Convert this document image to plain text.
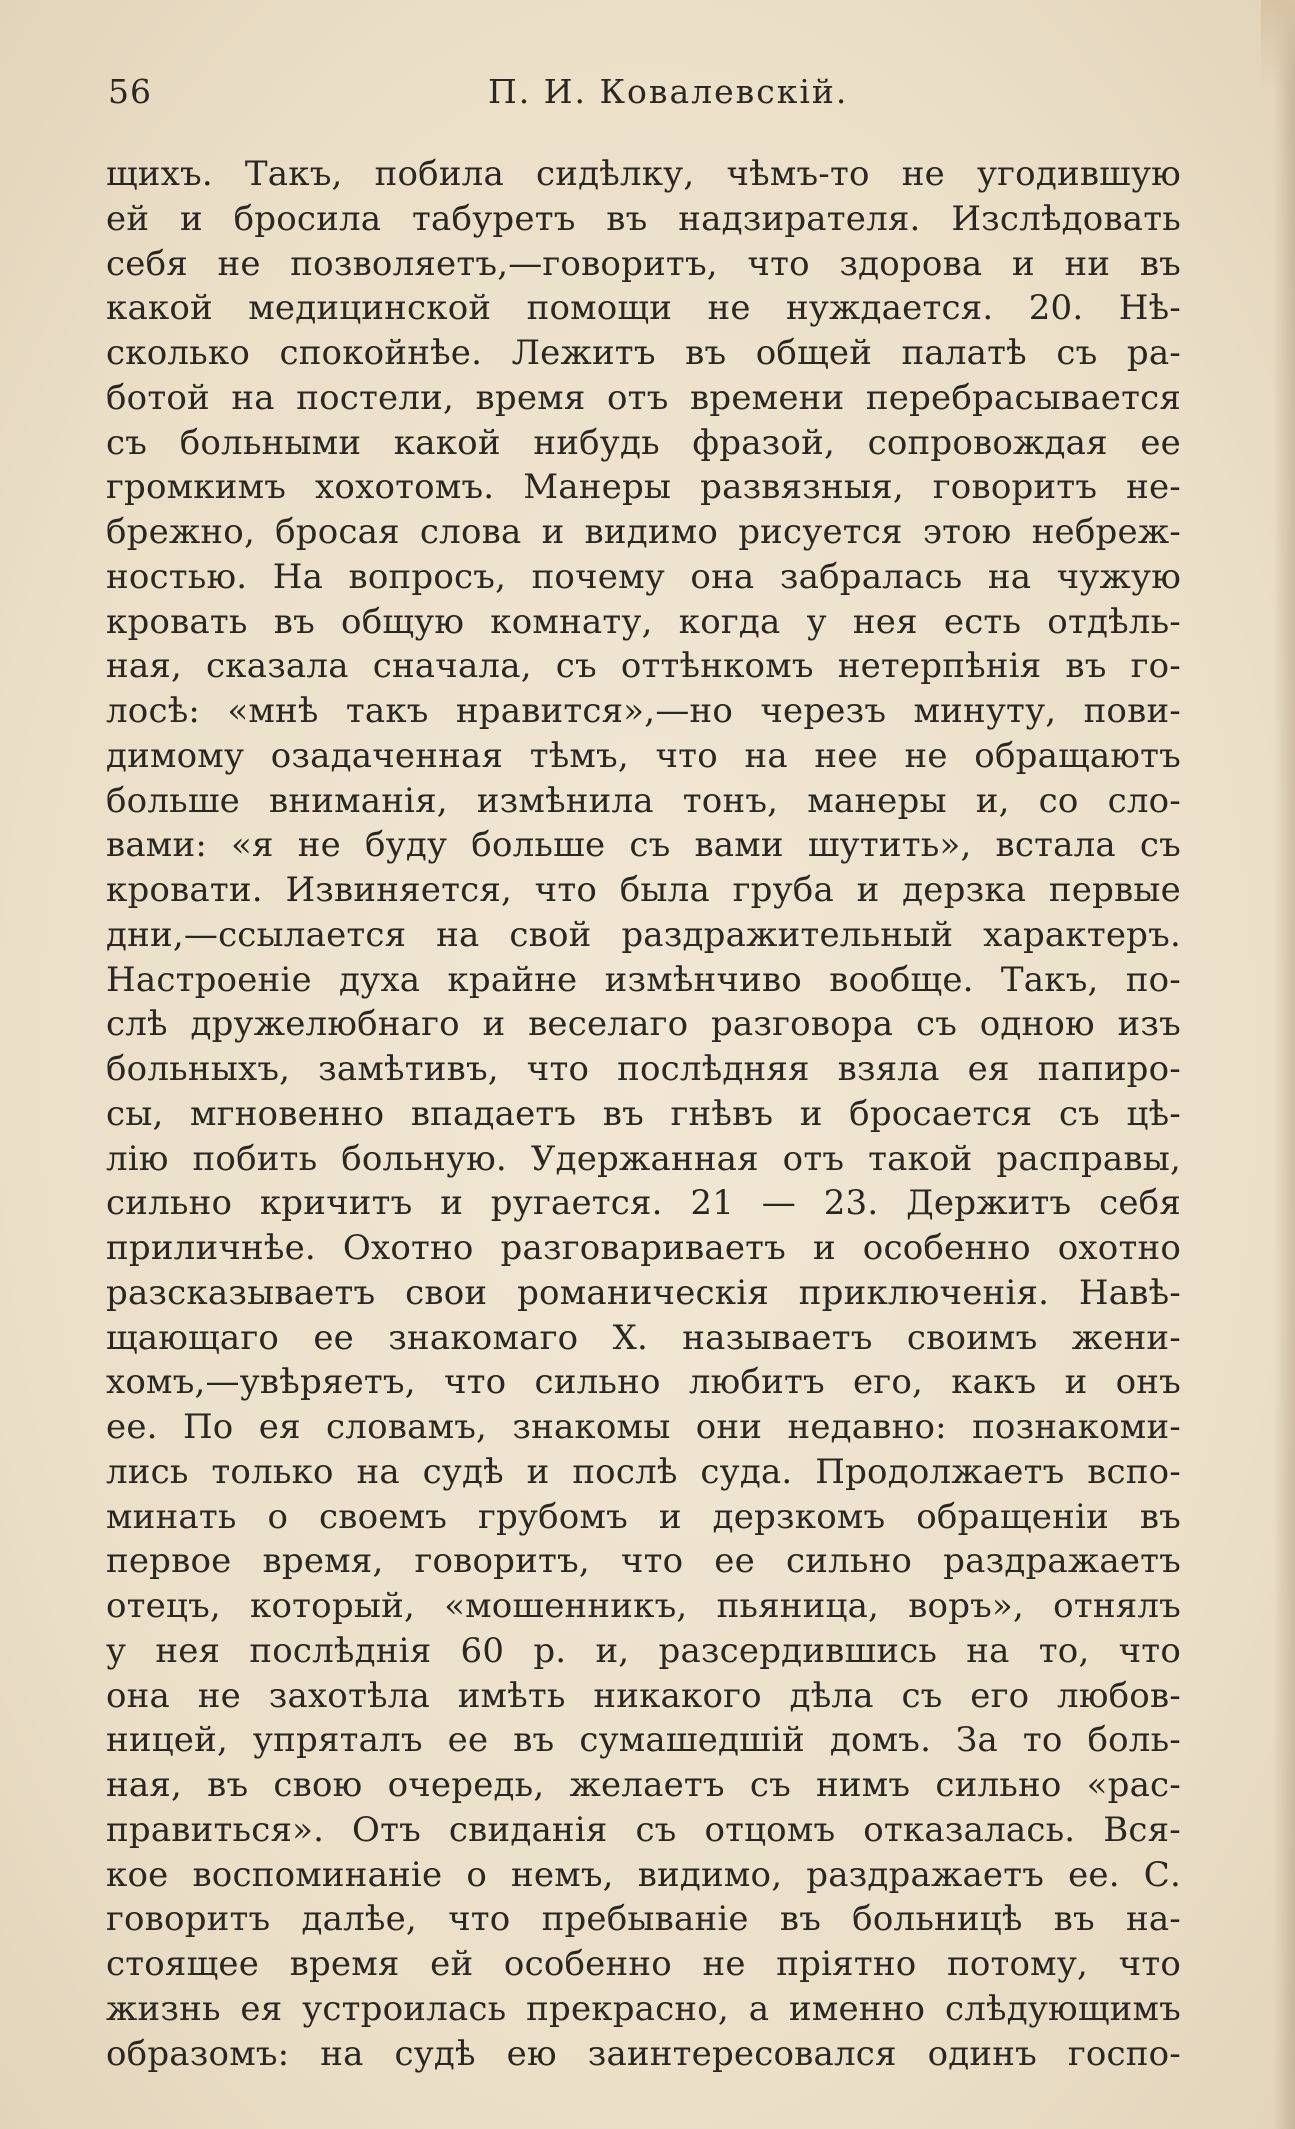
56	П. И. Ковалевскій.
щихъ. Такъ, побила сидѣлку, чѣмъ-то не угодившую
ей и бросила табуретъ въ надзирателя. Изслѣдовать
себя не позволяетъ,—говоритъ, что здорова и ни въ
какой медицинской помощи не нуждается. 20. Нѣ-
сколько спокойнѣе. Лежитъ въ общей палатѣ съ ра-
ботой на постели, время отъ времени перебрасывается
съ больными какой нибудь фразой, сопровождая ее
громкимъ хохотомъ. Манеры развязныя, говоритъ не-
брежно, бросая слова и видимо рисуется этою небреж-
ностью. На вопросъ, почему она забралась на чужую
кровать въ общую комнату, когда у нея есть отдѣль-
ная, сказала сначала, съ оттѣнкомъ нетерпѣнія въ го-
лосѣ: «мнѣ такъ нравится»,—но черезъ минуту, пови-
димому озадаченная тѣмъ, что на нее не обращаютъ
больше вниманія, измѣнила тонъ, манеры и, со сло-
вами: «я не буду больше съ вами шутить», встала съ
кровати. Извиняется, что была груба и дерзка первые
дни,—ссылается на свой раздражительный характеръ.
Настроеніе духа крайне измѣнчиво вообще. Такъ, по-
слѣ дружелюбнаго и веселаго разговора съ одною изъ
больныхъ, замѣтивъ, что послѣдняя взяла ея папиро-
сы, мгновенно впадаетъ въ гнѣвъ и бросается съ цѣ-
лію побить больную. Удержанная отъ такой расправы,
сильно кричитъ и ругается. 21 — 23. Держитъ себя
приличнѣе. Охотно разговариваетъ и особенно охотно
разсказываетъ свои романическія приключенія. Навѣ-
щающаго ее знакомаго X. называетъ своимъ жени-
хомъ,—увѣряетъ, что сильно любитъ его, какъ и онъ
ее. По ея словамъ, знакомы они недавно: познакоми-
лись только на судѣ и послѣ суда. Продолжаетъ вспо-
минать о своемъ грубомъ и дерзкомъ обращеніи въ
первое время, говоритъ, что ее сильно раздражаетъ
отецъ, который, «мошенникъ, пьяница, воръ», отнялъ
у нея послѣднія 60 р. и, разсердившись на то, что
она не захотѣла имѣть никакого дѣла съ его любов-
ницей, упряталъ ее въ сумашедшій домъ. За то боль-
ная, въ свою очередь, желаетъ съ нимъ сильно «рас-
правиться». Отъ свиданія съ отцомъ отказалась. Вся-
кое воспоминаніе о немъ, видимо, раздражаетъ ее. С.
говоритъ далѣе, что пребываніе въ больницѣ въ на-
стоящее время ей особенно не пріятно потому, что
жизнь ея устроилась прекрасно, а именно слѣдующимъ
образомъ: на судѣ ею заинтересовался одинъ госпо-
